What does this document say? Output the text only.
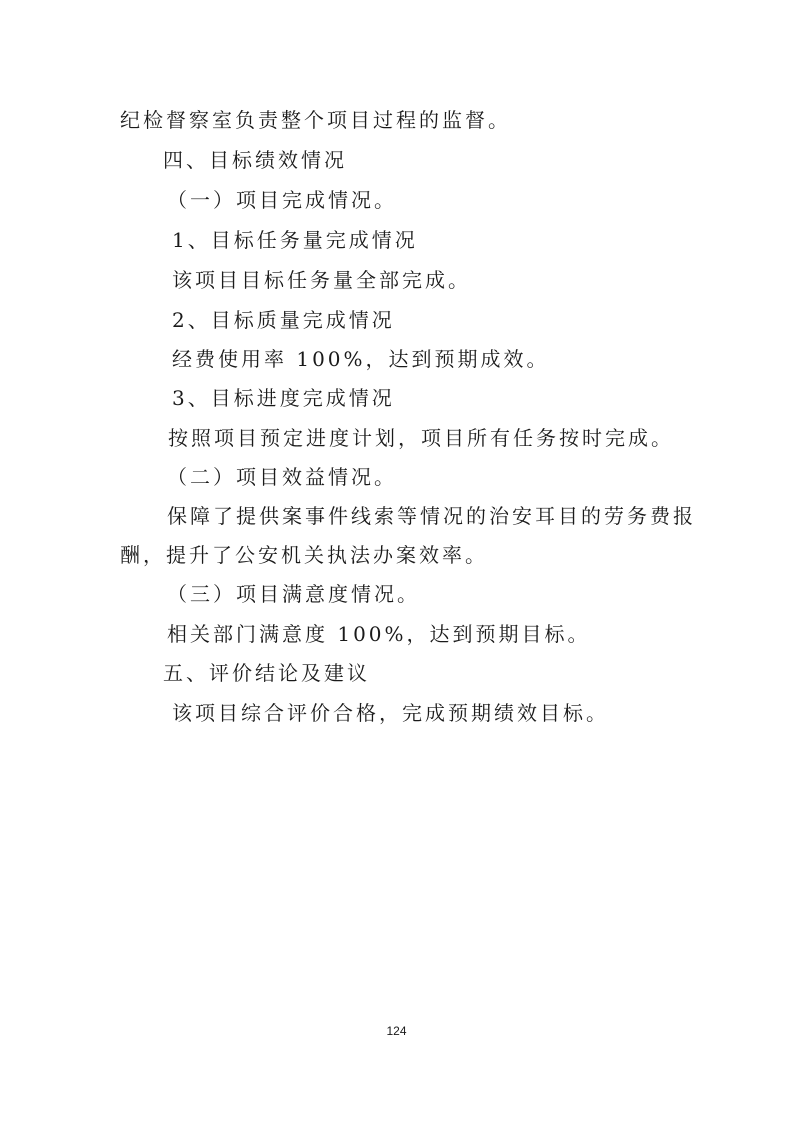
纪检督察室负责整个项目过程的监督。
四、目标绩效情况
（一）项目完成情况。
1、目标任务量完成情况
该项目目标任务量全部完成。
2、目标质量完成情况
经费使用率 100%，达到预期成效。
3、目标进度完成情况
按照项目预定进度计划，项目所有任务按时完成。
（二）项目效益情况。
保障了提供案事件线索等情况的治安耳目的劳务费报
酬，提升了公安机关执法办案效率。
（三）项目满意度情况。
相关部门满意度 100%，达到预期目标。
五、评价结论及建议
该项目综合评价合格，完成预期绩效目标。
124
